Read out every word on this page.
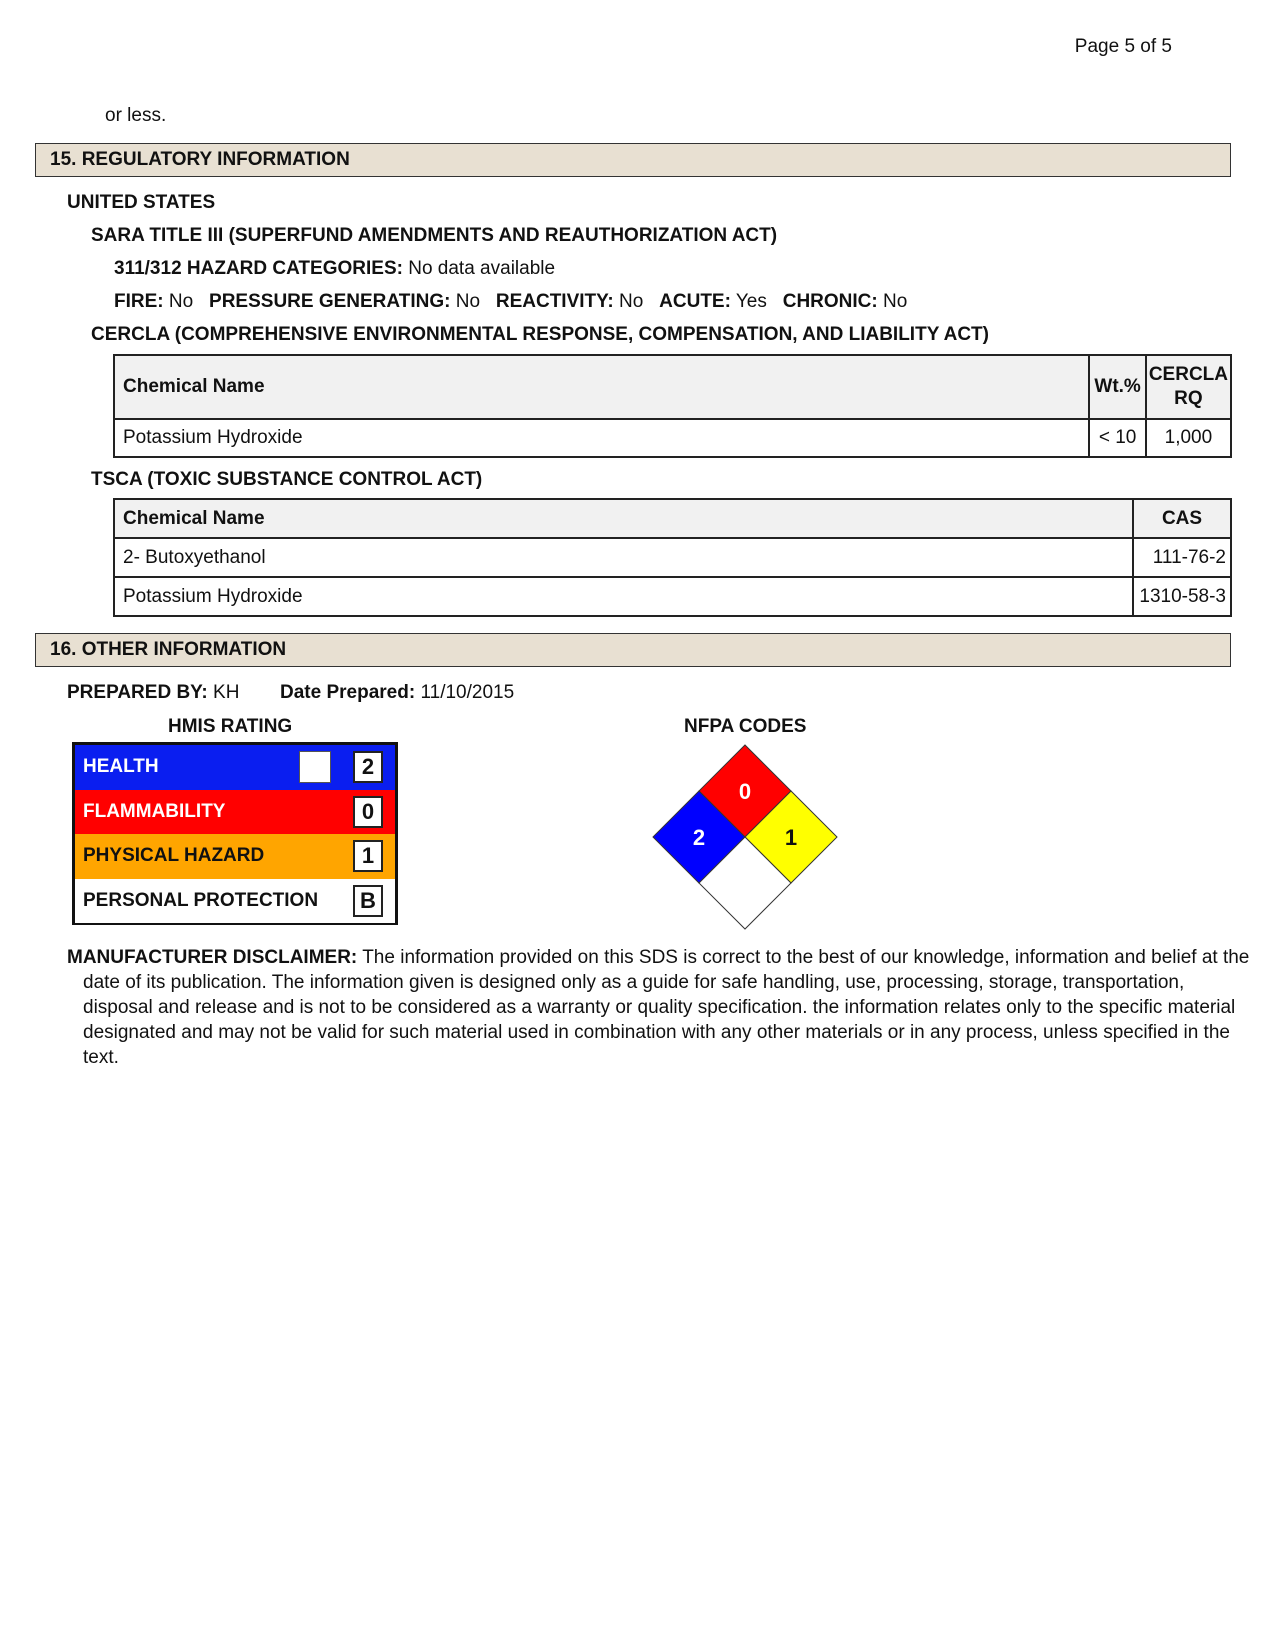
Page 5 of 5
or less.
15. REGULATORY INFORMATION
UNITED STATES
SARA TITLE III (SUPERFUND AMENDMENTS AND REAUTHORIZATION ACT)
311/312 HAZARD CATEGORIES: No data available
FIRE: No PRESSURE GENERATING: No REACTIVITY: No ACUTE: Yes CHRONIC: No
CERCLA (COMPREHENSIVE ENVIRONMENTAL RESPONSE, COMPENSATION, AND LIABILITY ACT)
Chemical Name	Wt.%	CERCLA
RQ
Potassium Hydroxide	< 10	1,000
TSCA (TOXIC SUBSTANCE CONTROL ACT)
Chemical Name	CAS
2- Butoxyethanol	111-76-2
Potassium Hydroxide	1310-58-3
16. OTHER INFORMATION
PREPARED BY: KH Date Prepared: 11/10/2015
HMIS RATING
HEALTH	2
FLAMMABILITY	0
PHYSICAL HAZARD	1
PERSONAL PROTECTION	B
NFPA CODES
0
2	1
MANUFACTURER DISCLAIMER: The information provided on this SDS is correct to the best of our knowledge, information and belief at the date of its publication. The information given is designed only as a guide for safe handling, use, processing, storage, transportation, disposal and release and is not to be considered as a warranty or quality specification. the information relates only to the specific material designated and may not be valid for such material used in combination with any other materials or in any process, unless specified in the text.
